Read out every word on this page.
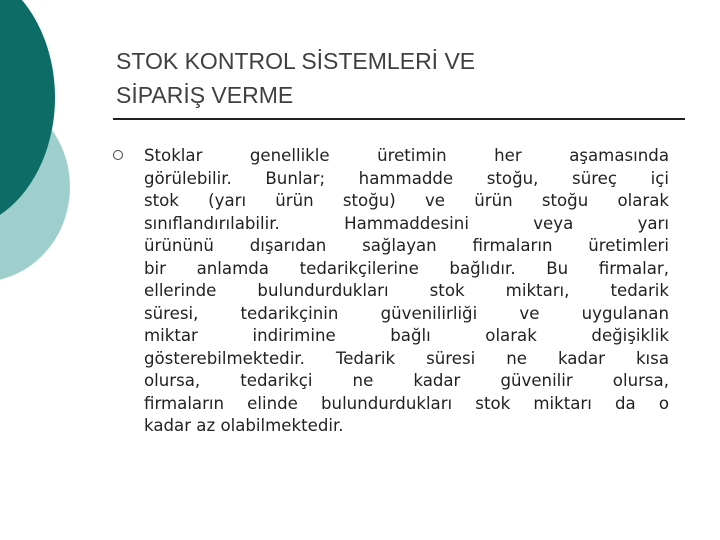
STOK KONTROL SİSTEMLERİ VE
SİPARİŞ VERME
Stoklar genellikle üretimin her aşamasında
görülebilir. Bunlar; hammadde stoğu, süreç içi
stok (yarı ürün stoğu) ve ürün stoğu olarak
sınıflandırılabilir. Hammaddesini veya yarı
ürününü dışarıdan sağlayan firmaların üretimleri
bir anlamda tedarikçilerine bağlıdır. Bu firmalar,
ellerinde bulundurdukları stok miktarı, tedarik
süresi, tedarikçinin güvenilirliği ve uygulanan
miktar indirimine bağlı olarak değişiklik
gösterebilmektedir. Tedarik süresi ne kadar kısa
olursa, tedarikçi ne kadar güvenilir olursa,
firmaların elinde bulundurdukları stok miktarı da o
kadar az olabilmektedir.
